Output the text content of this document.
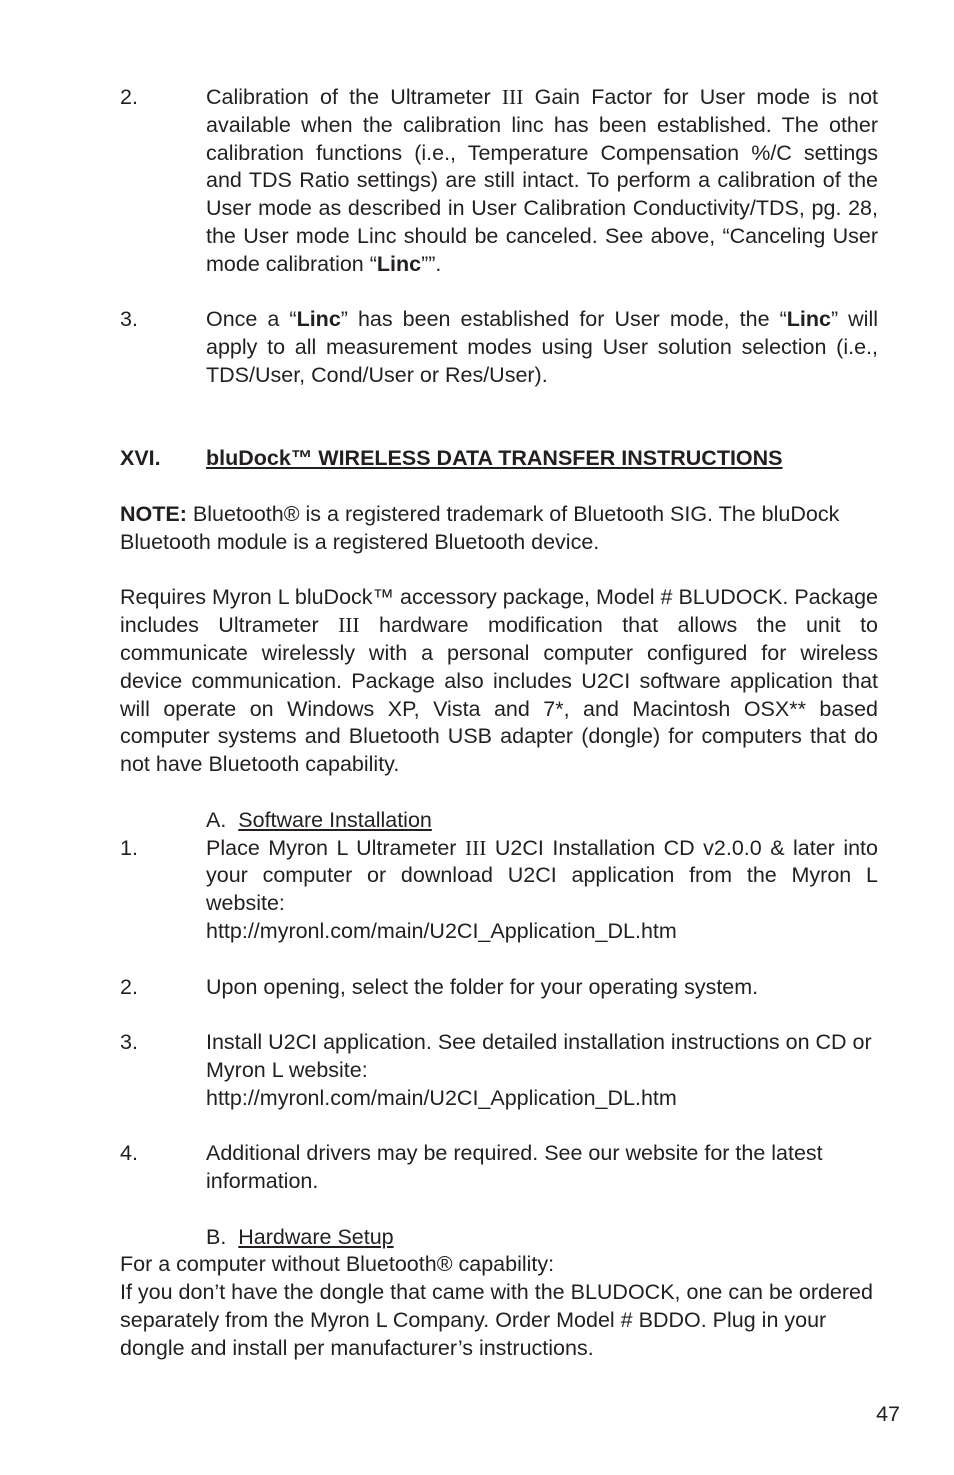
2.	Calibration of the Ultrameter III Gain Factor for User mode is not available when the calibration linc has been established. The other calibration functions (i.e., Temperature Compensation %/C settings and TDS Ratio settings) are still intact. To perform a calibration of the User mode as described in User Calibration Conductivity/TDS, pg. 28, the User mode Linc should be canceled. See above, “Canceling User mode calibration “Linc””.
3.	Once a “Linc” has been established for User mode, the “Linc” will apply to all measurement modes using User solution selection (i.e., TDS/User, Cond/User or Res/User).
XVI.	bluDock™ WIRELESS DATA TRANSFER INSTRUCTIONS
NOTE: Bluetooth® is a registered trademark of Bluetooth SIG. The bluDock Bluetooth module is a registered Bluetooth device.
Requires Myron L bluDock™ accessory package, Model # BLUDOCK. Package includes Ultrameter III hardware modification that allows the unit to communicate wirelessly with a personal computer configured for wireless device communication. Package also includes U2CI software application that will operate on Windows XP, Vista and 7*, and Macintosh OSX** based computer systems and Bluetooth USB adapter (dongle) for computers that do not have Bluetooth capability.
A.  Software Installation
1.	Place Myron L Ultrameter III U2CI Installation CD v2.0.0 & later into your computer or download U2CI application from the Myron L website:
http://myronl.com/main/U2CI_Application_DL.htm
2.	Upon opening, select the folder for your operating system.
3.	Install U2CI application. See detailed installation instructions on CD or Myron L website:
http://myronl.com/main/U2CI_Application_DL.htm
4.	Additional drivers may be required. See our website for the latest information.
B.  Hardware Setup
For a computer without Bluetooth® capability:
If you don’t have the dongle that came with the BLUDOCK, one can be ordered separately from the Myron L Company. Order Model # BDDO. Plug in your dongle and install per manufacturer’s instructions.
47
